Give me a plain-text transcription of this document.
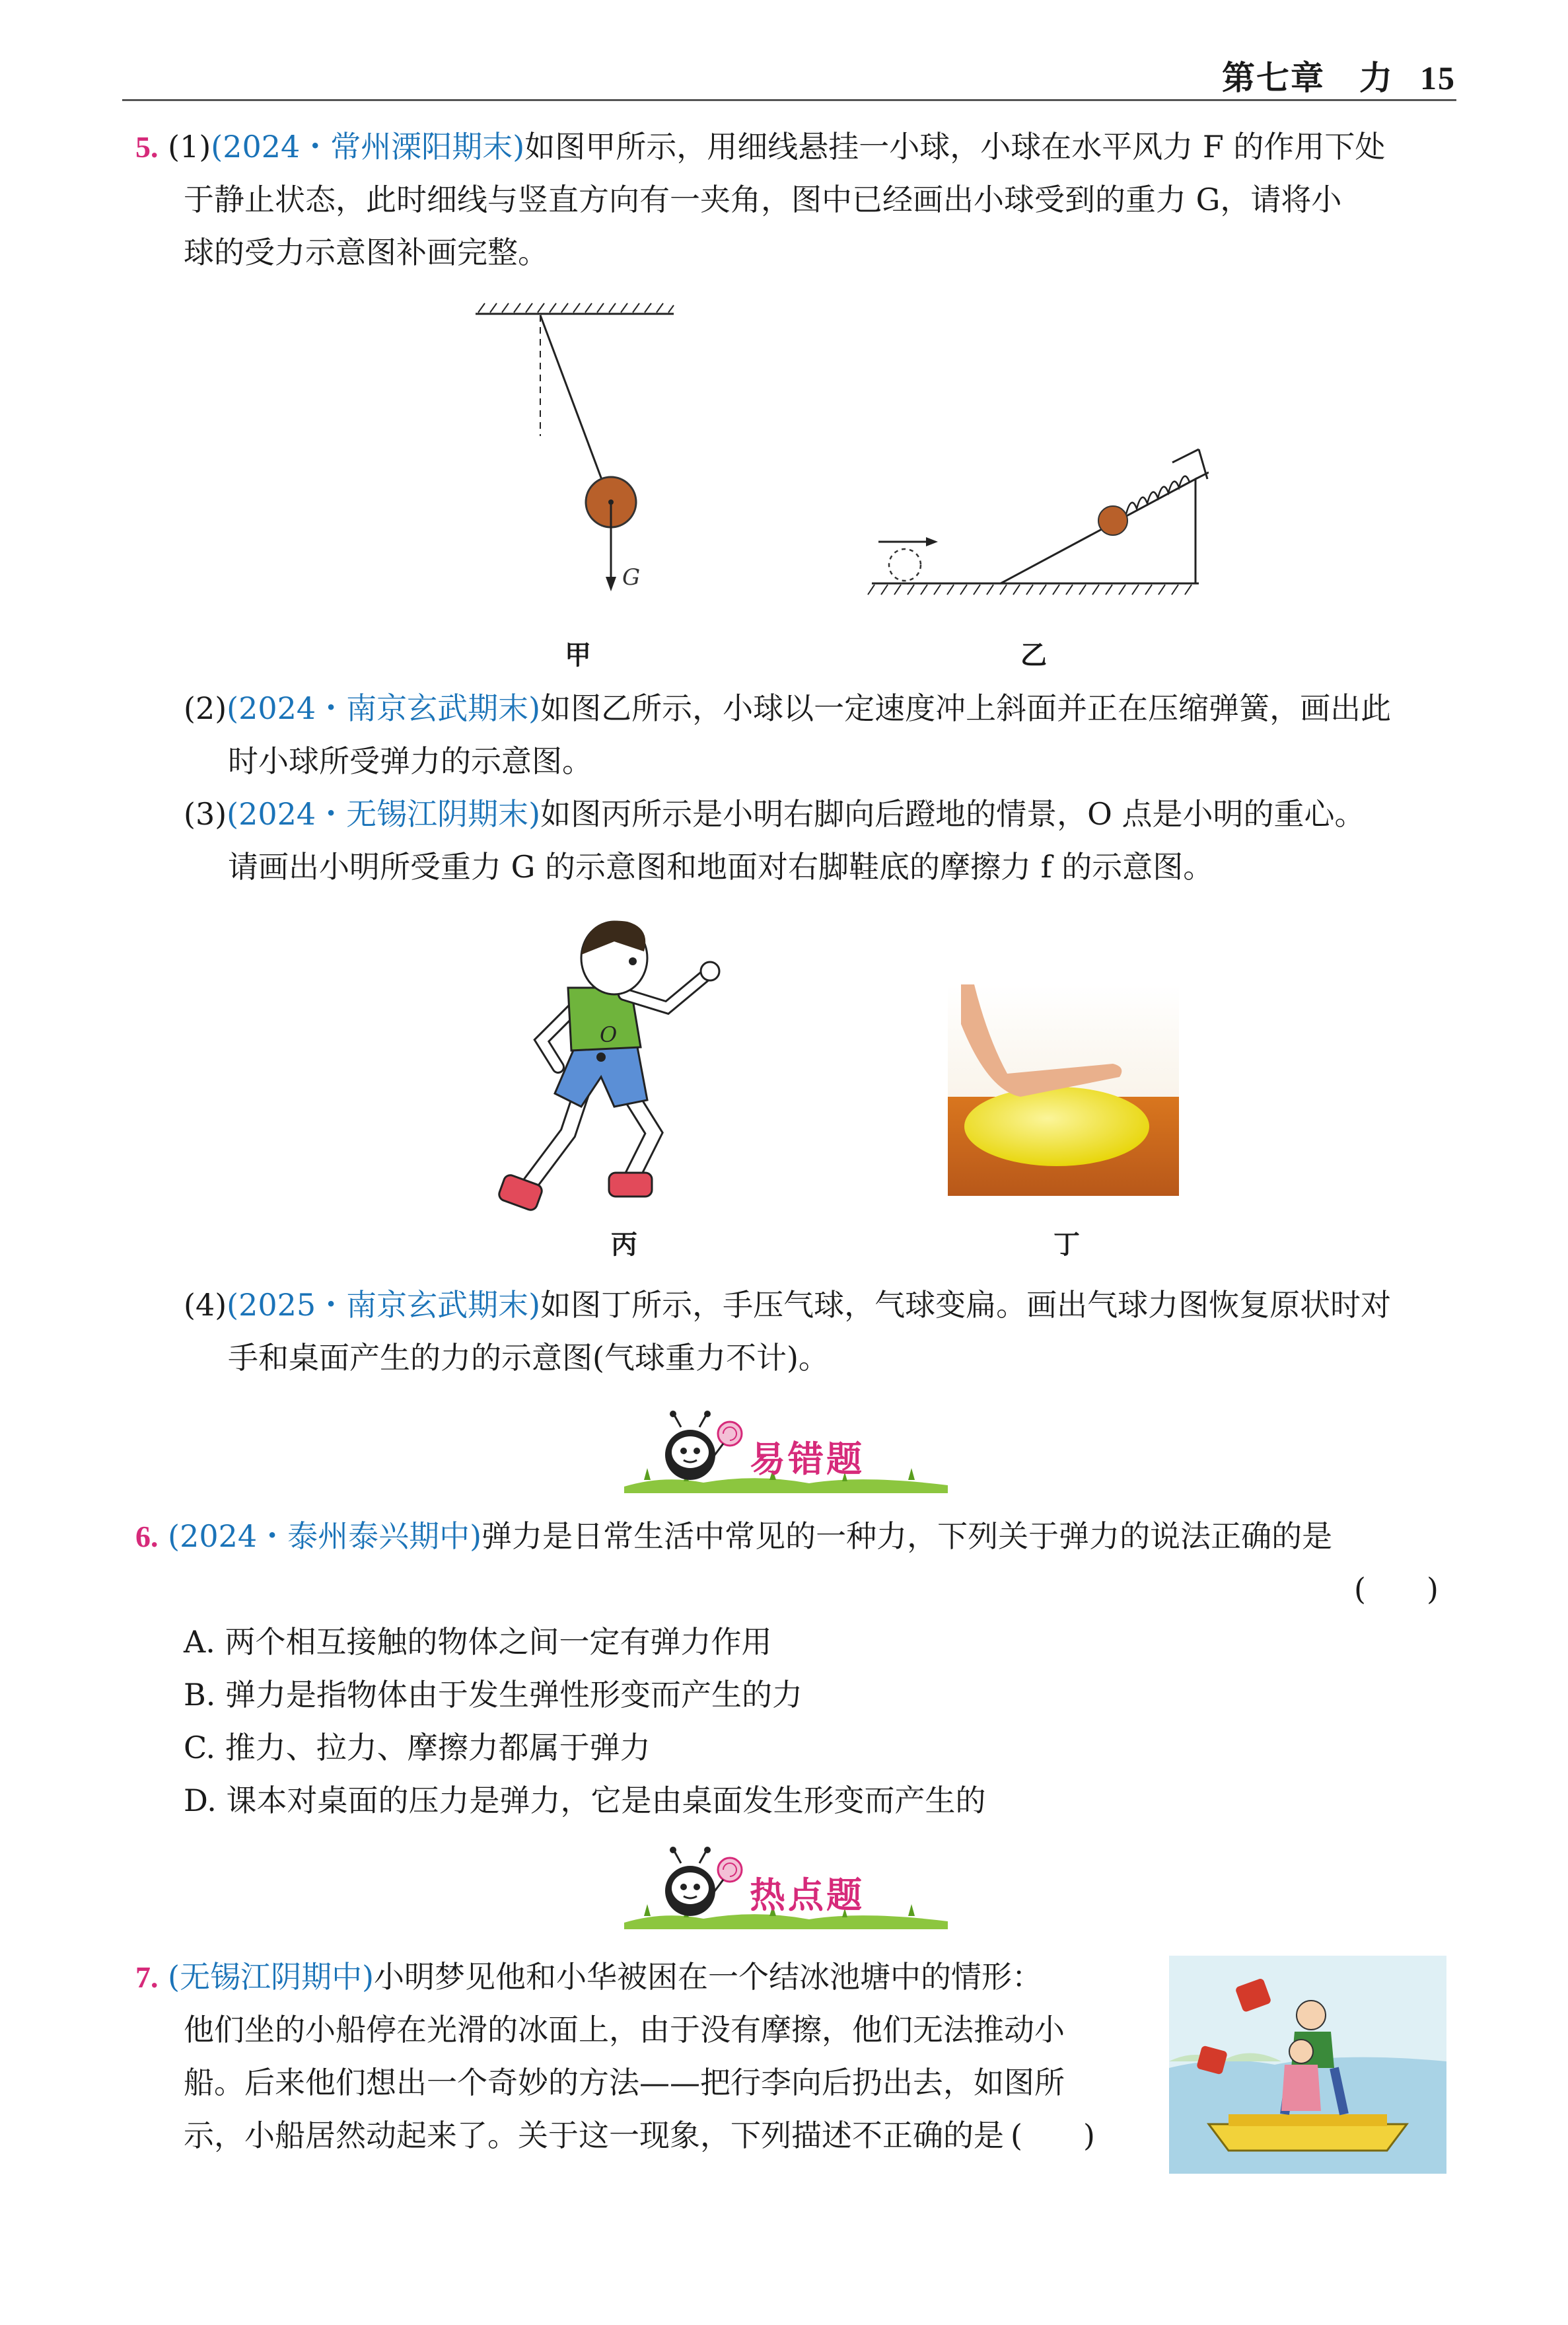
第七章　力 15
5. (1)(2024・常州溧阳期末)如图甲所示，用细线悬挂一小球，小球在水平风力 F 的作用下处
于静止状态，此时细线与竖直方向有一夹角，图中已经画出小球受到的重力 G，请将小
球的受力示意图补画完整。
G
甲	乙
(2)(2024・南京玄武期末)如图乙所示，小球以一定速度冲上斜面并正在压缩弹簧，画出此
时小球所受弹力的示意图。
(3)(2024・无锡江阴期末)如图丙所示是小明右脚向后蹬地的情景，O 点是小明的重心。
请画出小明所受重力 G 的示意图和地面对右脚鞋底的摩擦力 f 的示意图。
O
丙	丁
(4)(2025・南京玄武期末)如图丁所示，手压气球，气球变扁。画出气球力图恢复原状时对
手和桌面产生的力的示意图(气球重力不计)。
易错题
6. (2024・泰州泰兴期中)弹力是日常生活中常见的一种力，下列关于弹力的说法正确的是
(　　)
A. 两个相互接触的物体之间一定有弹力作用
B. 弹力是指物体由于发生弹性形变而产生的力
C. 推力、拉力、摩擦力都属于弹力
D. 课本对桌面的压力是弹力，它是由桌面发生形变而产生的
热点题
7. (无锡江阴期中)小明梦见他和小华被困在一个结冰池塘中的情形：
他们坐的小船停在光滑的冰面上，由于没有摩擦，他们无法推动小
船。后来他们想出一个奇妙的方法——把行李向后扔出去，如图所
示，小船居然动起来了。关于这一现象，下列描述不正确的是 (　　)
